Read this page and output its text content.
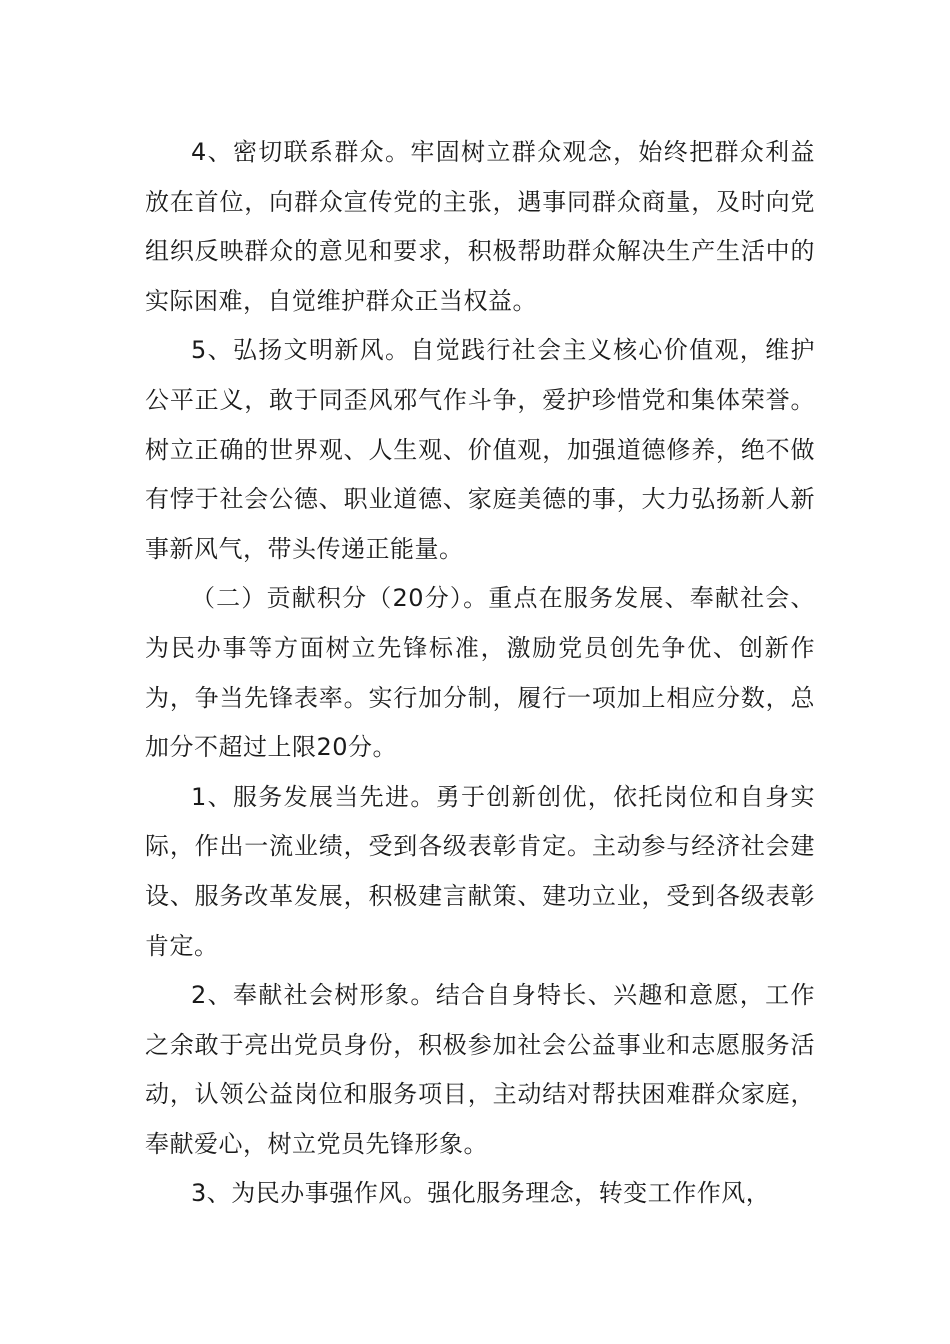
4、密切联系群众。牢固树立群众观念，始终把群众利益放在首位，向群众宣传党的主张，遇事同群众商量，及时向党组织反映群众的意见和要求，积极帮助群众解决生产生活中的实际困难，自觉维护群众正当权益。

5、弘扬文明新风。自觉践行社会主义核心价值观，维护公平正义，敢于同歪风邪气作斗争，爱护珍惜党和集体荣誉。树立正确的世界观、人生观、价值观，加强道德修养，绝不做有悖于社会公德、职业道德、家庭美德的事，大力弘扬新人新事新风气，带头传递正能量。

（二）贡献积分（20分）。重点在服务发展、奉献社会、为民办事等方面树立先锋标准，激励党员创先争优、创新作为，争当先锋表率。实行加分制，履行一项加上相应分数，总加分不超过上限20分。

1、服务发展当先进。勇于创新创优，依托岗位和自身实际，作出一流业绩，受到各级表彰肯定。主动参与经济社会建设、服务改革发展，积极建言献策、建功立业，受到各级表彰肯定。

2、奉献社会树形象。结合自身特长、兴趣和意愿，工作之余敢于亮出党员身份，积极参加社会公益事业和志愿服务活动，认领公益岗位和服务项目，主动结对帮扶困难群众家庭，奉献爱心，树立党员先锋形象。

3、为民办事强作风。强化服务理念，转变工作作风，
